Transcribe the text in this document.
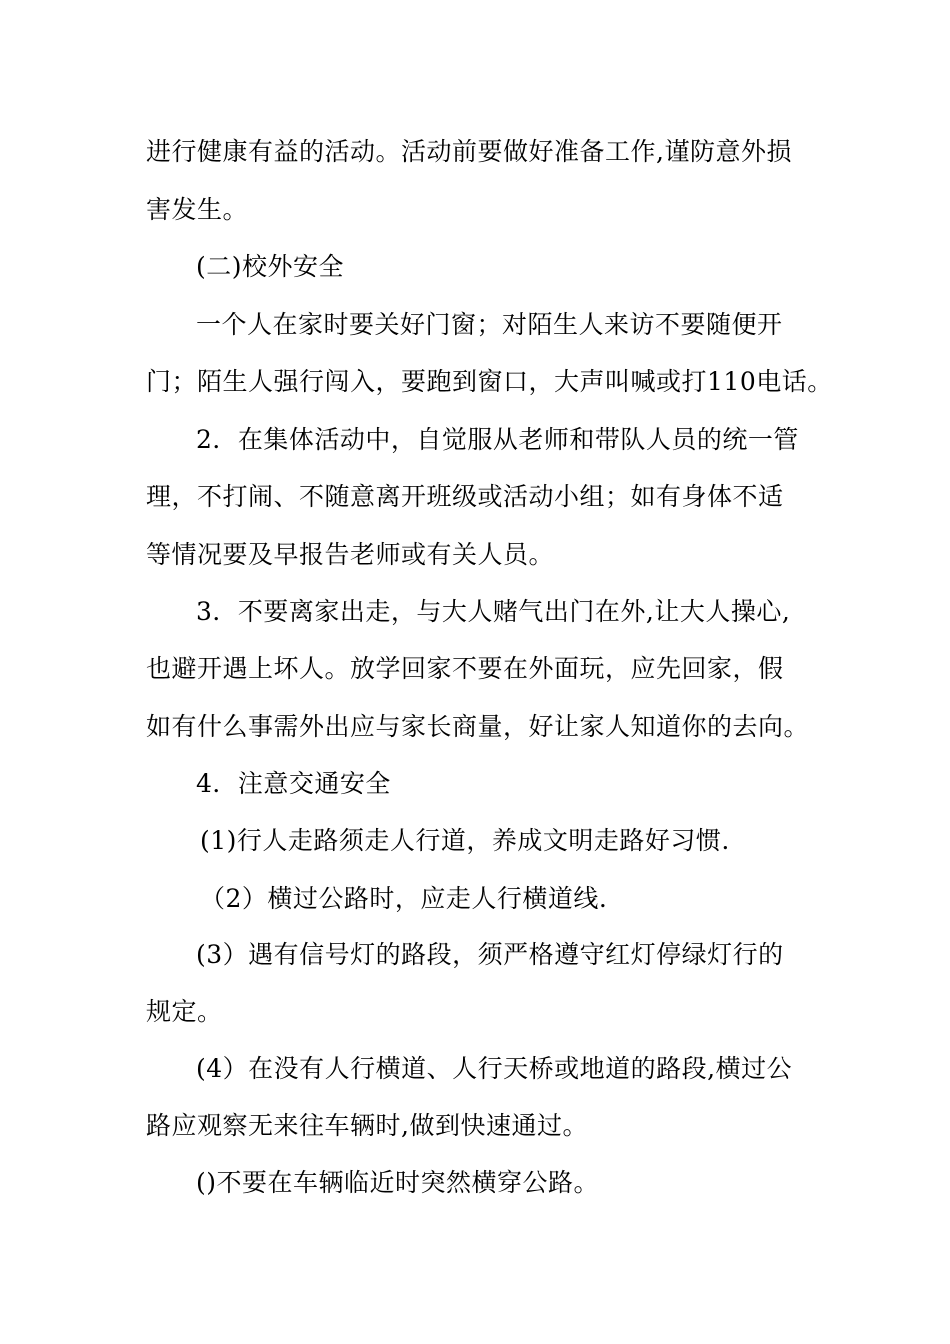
进行健康有益的活动。活动前要做好准备工作,谨防意外损
害发生。
(二)校外安全
一个人在家时要关好门窗；对陌生人来访不要随便开
门；陌生人强行闯入，要跑到窗口，大声叫喊或打110电话。
2．在集体活动中，自觉服从老师和带队人员的统一管
理，不打闹、不随意离开班级或活动小组；如有身体不适
等情况要及早报告老师或有关人员。
3．不要离家出走，与大人赌气出门在外,让大人操心,
也避开遇上坏人。放学回家不要在外面玩，应先回家，假
如有什么事需外出应与家长商量，好让家人知道你的去向。
4．注意交通安全
(1)行人走路须走人行道，养成文明走路好习惯.
（2）横过公路时，应走人行横道线.
(3）遇有信号灯的路段，须严格遵守红灯停绿灯行的
规定。
(4）在没有人行横道、人行天桥或地道的路段,横过公
路应观察无来往车辆时,做到快速通过。
()不要在车辆临近时突然横穿公路。
